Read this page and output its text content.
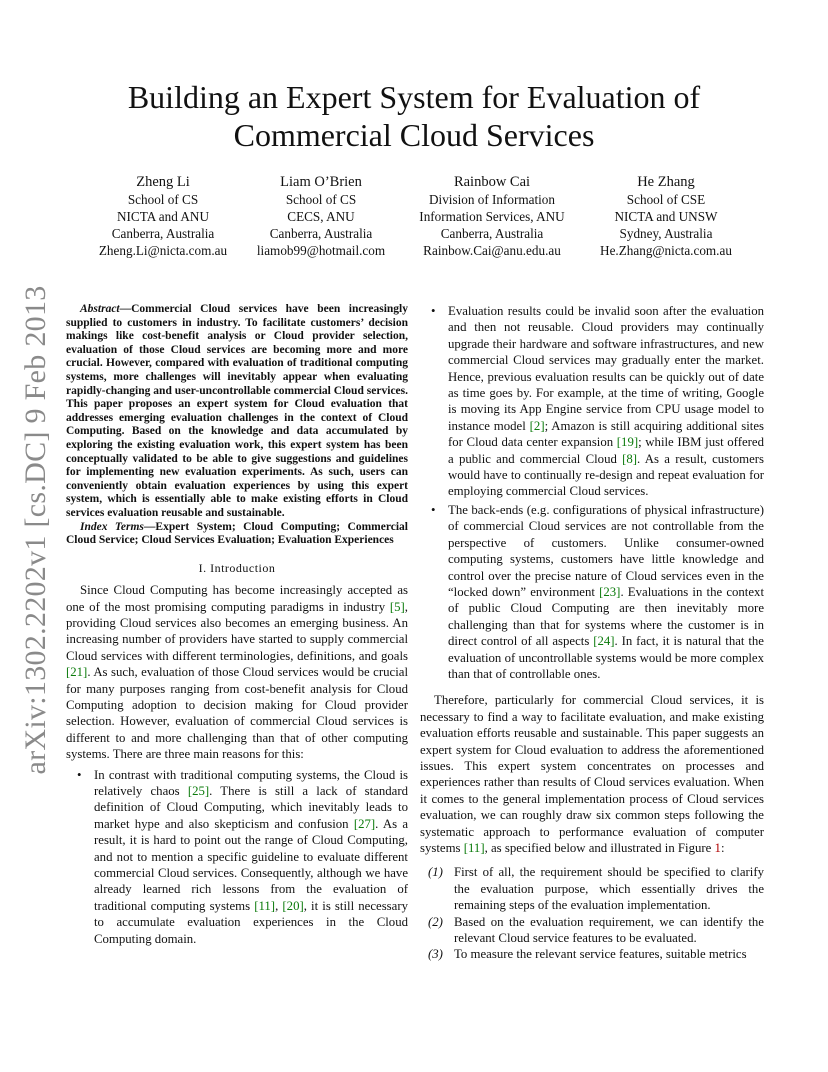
arXiv:1302.2202v1 [cs.DC] 9 Feb 2013
Building an Expert System for Evaluation of
Commercial Cloud Services
Zheng Li
School of CS
NICTA and ANU
Canberra, Australia
Zheng.Li@nicta.com.au
Liam O’Brien
School of CS
CECS, ANU
Canberra, Australia
liamob99@hotmail.com
Rainbow Cai
Division of Information
Information Services, ANU
Canberra, Australia
Rainbow.Cai@anu.edu.au
He Zhang
School of CSE
NICTA and UNSW
Sydney, Australia
He.Zhang@nicta.com.au

Abstract—Commercial Cloud services have been increasingly supplied to customers in industry. To facilitate customers’ decision makings like cost-benefit analysis or Cloud provider selection, evaluation of those Cloud services are becoming more and more crucial. However, compared with evaluation of traditional computing systems, more challenges will inevitably appear when evaluating rapidly-changing and user-uncontrollable commercial Cloud services. This paper proposes an expert system for Cloud evaluation that addresses emerging evaluation challenges in the context of Cloud Computing. Based on the knowledge and data accumulated by exploring the existing evaluation work, this expert system has been conceptually validated to be able to give suggestions and guidelines for implementing new evaluation experiments. As such, users can conveniently obtain evaluation experiences by using this expert system, which is essentially able to make existing efforts in Cloud services evaluation reusable and sustainable.

Index Terms—Expert System; Cloud Computing; Commercial Cloud Service; Cloud Services Evaluation; Evaluation Experiences

I. Introduction

Since Cloud Computing has become increasingly accepted as one of the most promising computing paradigms in industry [5], providing Cloud services also becomes an emerging business. An increasing number of providers have started to supply commercial Cloud services with different terminologies, definitions, and goals [21]. As such, evaluation of those Cloud services would be crucial for many purposes ranging from cost-benefit analysis for Cloud Computing adoption to decision making for Cloud provider selection. However, evaluation of commercial Cloud services is different to and more challenging than that of other computing systems. There are three main reasons for this:

• In contrast with traditional computing systems, the Cloud is relatively chaos [25]. There is still a lack of standard definition of Cloud Computing, which inevitably leads to market hype and also skepticism and confusion [27]. As a result, it is hard to point out the range of Cloud Computing, and not to mention a specific guideline to evaluate different commercial Cloud services. Consequently, although we have already learned rich lessons from the evaluation of traditional computing systems [11], [20], it is still necessary to accumulate evaluation experiences in the Cloud Computing domain.
• Evaluation results could be invalid soon after the evaluation and then not reusable. Cloud providers may continually upgrade their hardware and software infrastructures, and new commercial Cloud services may gradually enter the market. Hence, previous evaluation results can be quickly out of date as time goes by. For example, at the time of writing, Google is moving its App Engine service from CPU usage model to instance model [2]; Amazon is still acquiring additional sites for Cloud data center expansion [19]; while IBM just offered a public and commercial Cloud [8]. As a result, customers would have to continually re-design and repeat evaluation for employing commercial Cloud services.
• The back-ends (e.g. configurations of physical infrastructure) of commercial Cloud services are not controllable from the perspective of customers. Unlike consumer-owned computing systems, customers have little knowledge and control over the precise nature of Cloud services even in the “locked down” environment [23]. Evaluations in the context of public Cloud Computing are then inevitably more challenging than that for systems where the customer is in direct control of all aspects [24]. In fact, it is natural that the evaluation of uncontrollable systems would be more complex than that of controllable ones.

Therefore, particularly for commercial Cloud services, it is necessary to find a way to facilitate evaluation, and make existing evaluation efforts reusable and sustainable. This paper suggests an expert system for Cloud evaluation to address the aforementioned issues. This expert system concentrates on processes and experiences rather than results of Cloud services evaluation. When it comes to the general implementation process of Cloud services evaluation, we can roughly draw six common steps following the systematic approach to performance evaluation of computer systems [11], as specified below and illustrated in Figure 1:

(1) First of all, the requirement should be specified to clarify the evaluation purpose, which essentially drives the remaining steps of the evaluation implementation.
(2) Based on the evaluation requirement, we can identify the relevant Cloud service features to be evaluated.
(3) To measure the relevant service features, suitable metrics
